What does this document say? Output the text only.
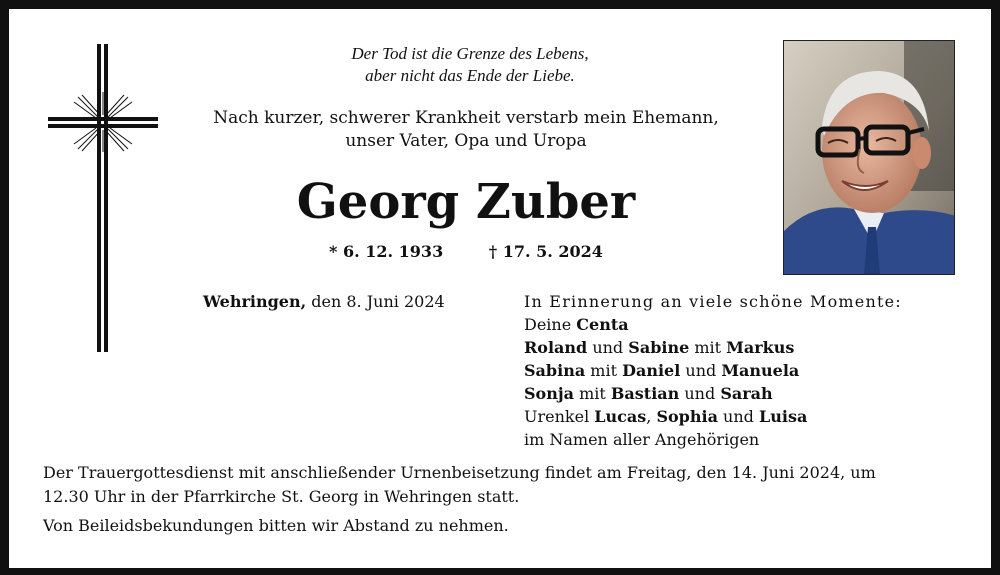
Der Tod ist die Grenze des Lebens,
aber nicht das Ende der Liebe.
Nach kurzer, schwerer Krankheit verstarb mein Ehemann,
unser Vater, Opa und Uropa
Georg Zuber
* 6. 12. 1933	† 17. 5. 2024
Wehringen, den 8. Juni 2024	In Erinnerung an viele schöne Momente:
Deine Centa
Roland und Sabine mit Markus
Sabina mit Daniel und Manuela
Sonja mit Bastian und Sarah
Urenkel Lucas, Sophia und Luisa
im Namen aller Angehörigen
Der Trauergottesdienst mit anschließender Urnenbeisetzung findet am Freitag, den 14. Juni 2024, um
12.30 Uhr in der Pfarrkirche St. Georg in Wehringen statt.
Von Beileidsbekundungen bitten wir Abstand zu nehmen.
